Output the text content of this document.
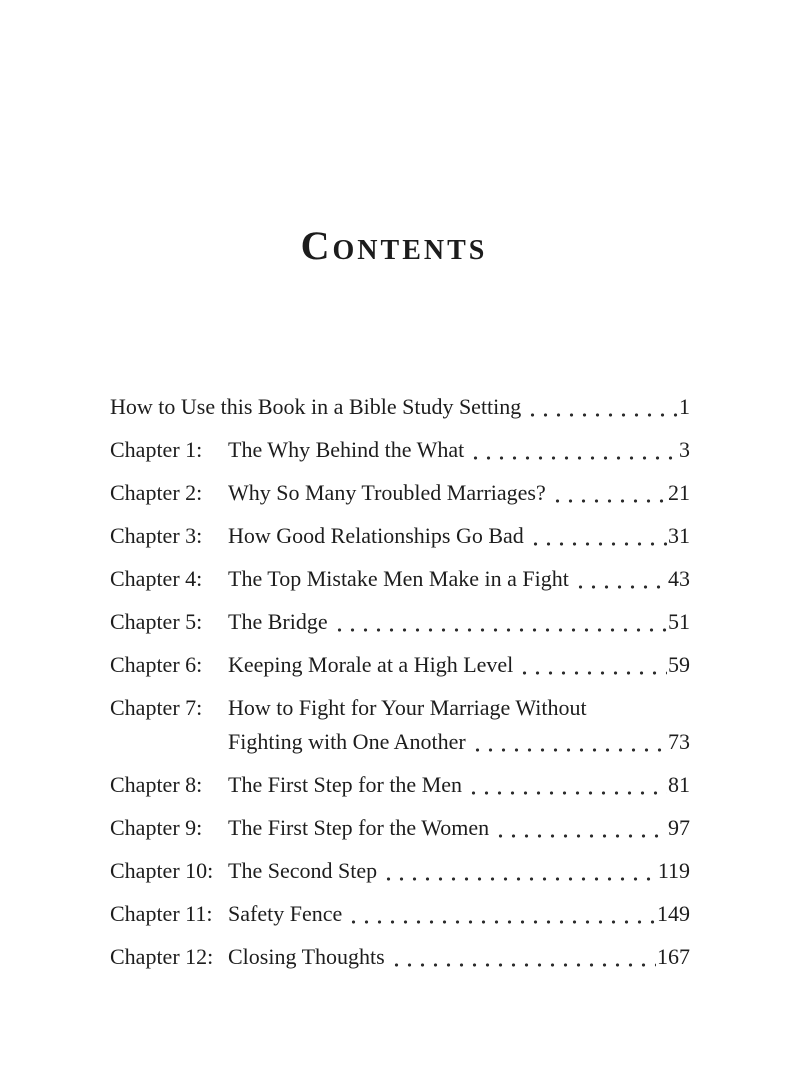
Contents
How to Use this Book in a Bible Study Setting	1
Chapter 1:	The Why Behind the What	3
Chapter 2:	Why So Many Troubled Marriages?	21
Chapter 3:	How Good Relationships Go Bad	31
Chapter 4:	The Top Mistake Men Make in a Fight	43
Chapter 5:	The Bridge	51
Chapter 6:	Keeping Morale at a High Level	59
Chapter 7:	How to Fight for Your Marriage Without
Fighting with One Another	73
Chapter 8:	The First Step for the Men	81
Chapter 9:	The First Step for the Women	97
Chapter 10: The Second Step	119
Chapter 11: Safety Fence	149
Chapter 12: Closing Thoughts	167
